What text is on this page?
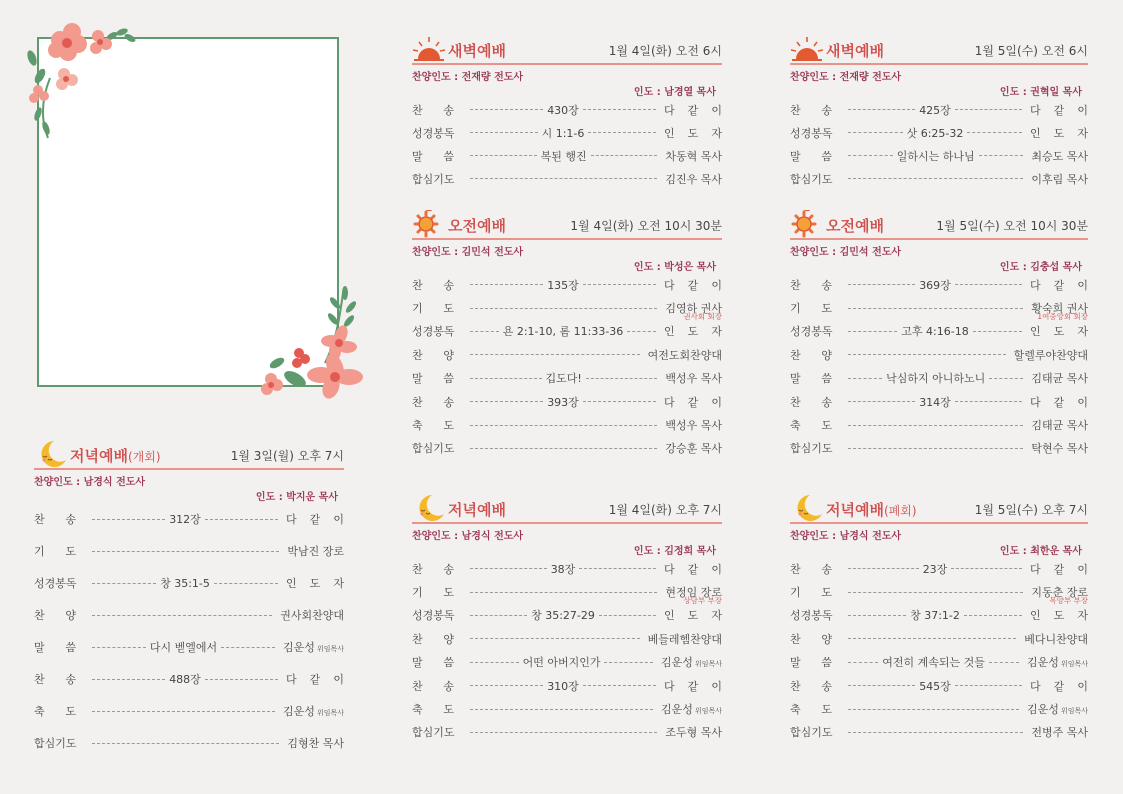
저녁예배(개회)	1월 3일(월) 오후 7시
찬양인도 : 남경식 전도사
인도 : 박지운 목사
찬 송	312장	다 같 이
기 도	박남진 장로
성경봉독	창 35:1-5	인 도 자
찬 양	권사회찬양대
말 씀	다시 벧엘에서	김운성 위임목사
찬 송	488장	다 같 이
축 도	김운성 위임목사
합심기도	김형찬 목사
새벽예배	1월 4일(화) 오전 6시
찬양인도 : 전재량 전도사
인도 : 남경열 목사
찬 송	430장	다 같 이
성경봉독	시 1:1-6	인 도 자
말 씀	복된 행진	차동혁 목사
합심기도	김진우 목사
오전예배	1월 4일(화) 오전 10시 30분
찬양인도 : 김민석 전도사
인도 : 박성은 목사
찬 송	135장	다 같 이
기 도	김영하 권사
권사회 회장
성경봉독	욘 2:1-10, 롬 11:33-36	인 도 자
찬 양	여전도회찬양대
말 씀	깁도다!	백성우 목사
찬 송	393장	다 같 이
축 도	백성우 목사
합심기도	강승훈 목사
저녁예배	1월 4일(화) 오후 7시
찬양인도 : 남경식 전도사
인도 : 김정희 목사
찬 송	38장	다 같 이
기 도	현정임 장로
상담부 부장
성경봉독	창 35:27-29	인 도 자
찬 양	베들레헴찬양대
말 씀	어떤 아버지인가	김운성 위임목사
찬 송	310장	다 같 이
축 도	김운성 위임목사
합심기도	조두형 목사
새벽예배	1월 5일(수) 오전 6시
찬양인도 : 전재량 전도사
인도 : 권혁일 목사
찬 송	425장	다 같 이
성경봉독	삿 6:25-32	인 도 자
말 씀	일하시는 하나님	최승도 목사
합심기도	이후림 목사
오전예배	1월 5일(수) 오전 10시 30분
찬양인도 : 김민석 전도사
인도 : 김충섭 목사
찬 송	369장	다 같 이
기 도	황숙희 권사
1여중앙회 회장
성경봉독	고후 4:16-18	인 도 자
찬 양	할렐루야찬양대
말 씀	낙심하지 아니하노니	김태균 목사
찬 송	314장	다 같 이
축 도	김태균 목사
합심기도	탁현수 목사
저녁예배(폐회)	1월 5일(수) 오후 7시
찬양인도 : 남경식 전도사
인도 : 최한운 목사
찬 송	23장	다 같 이
기 도	지동춘 장로
목양부 부장
성경봉독	창 37:1-2	인 도 자
찬 양	베다니찬양대
말 씀	여전히 계속되는 것들	김운성 위임목사
찬 송	545장	다 같 이
축 도	김운성 위임목사
합심기도	전병주 목사
